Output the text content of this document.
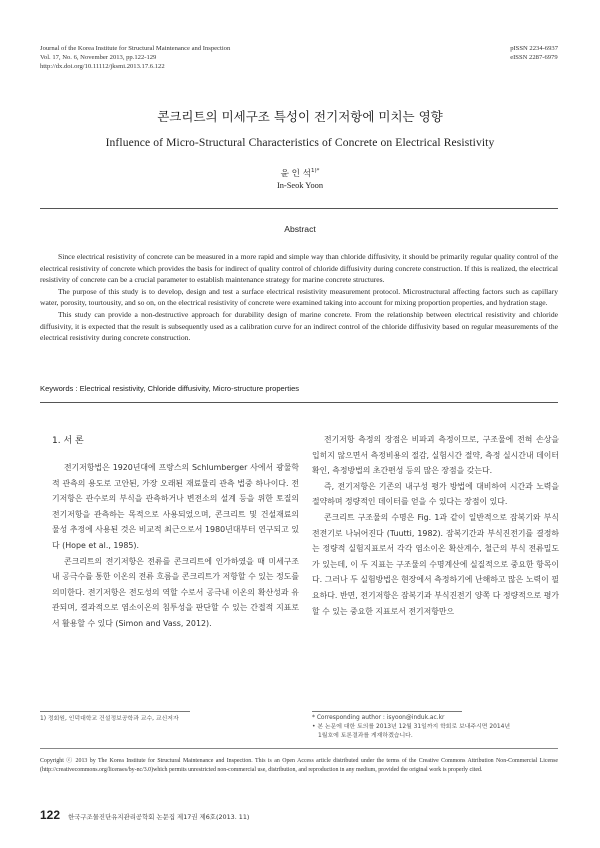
Journal of the Korea Institute for Structural Maintenance and Inspection
Vol. 17, No. 6, November 2013, pp.122-129
http://dx.doi.org/10.11112/jksmi.2013.17.6.122
pISSN 2234-6937
eISSN 2287-6979
콘크리트의 미세구조 특성이 전기저항에 미치는 영향
Influence of Micro-Structural Characteristics of Concrete on Electrical Resistivity
윤 인 석$^{1)*}$
In-Seok Yoon
Abstract

Since electrical resistivity of concrete can be measured in a more rapid and simple way than chloride diffusivity, it should be primarily regular quality control of the electrical resistivity of concrete which provides the basis for indirect of quality control of chloride diffusivity during concrete construction. If this is realized, the electrical resistivity of concrete can be a crucial parameter to establish maintenance strategy for marine concrete structures.

The purpose of this study is to develop, design and test a surface electrical resistivity measurement protocol. Microstructural affecting factors such as capillary water, porosity, tourtousity, and so on, on the electrical resistivity of concrete were examined taking into account for mixing proportion properties, and hydration stage.

This study can provide a non-destructive approach for durability design of marine concrete. From the relationship between electrical resistivity and chloride diffusivity, it is expected that the result is subsequently used as a calibration curve for an indirect control of the chloride diffusivity based on regular measurements of the electrical resistivity during concrete construction.

Keywords : Electrical resistivity, Chloride diffusivity, Micro-structure properties
1. 서 론

전기저항법은 1920년대에 프랑스의 Schlumberger 사에서 광물학적 관측의 용도로 고안된, 가장 오래된 재료물리 관측 법중 하나이다. 전기저항은 관수로의 부식을 관측하거나 변전소의 설계 등을 위한 토질의 전기저항을 관측하는 목적으로 사용되었으며, 콘크리트 및 건설재료의 물성 추정에 사용된 것은 비교적 최근으로서 1980년대부터 연구되고 있다 (Hope et al., 1985).

콘크리트의 전기저항은 전류를 콘크리트에 인가하였을 때 미세구조내 공극수를 통한 이온의 전류 흐름을 콘크리트가 저항할 수 있는 정도를 의미한다. 전기저항은 전도성의 역할 수로서 공극내 이온의 확산성과 유관되며, 결과적으로 염소이온의 침투성을 판단할 수 있는 간접적 지표로서 활용할 수 있다 (Simon and Vass, 2012).

전기저항 측정의 장점은 비파괴 측정이므로, 구조물에 전혀 손상을 입히지 않으면서 측정비용의 절감, 실험시간 절약, 측정 실시간내 데이터 확인, 측정방법의 초간편성 등의 많은 장점을 갖는다.

즉, 전기저항은 기존의 내구성 평가 방법에 대비하여 시간과 노력을 절약하며 정량적인 데이터를 얻을 수 있다는 장점이 있다.

콘크리트 구조물의 수명은 Fig. 1과 같이 일반적으로 잠복기와 부식 전전기로 나뉘어진다 (Tuutti, 1982). 잠복기간과 부식진전기를 결정하는 정량적 실험지표로서 각각 염소이온 확산계수, 철근의 부식 전류밀도가 있는데, 이 두 지표는 구조물의 수명계산에 실질적으로 중요한 항목이다. 그러나 두 실험방법은 현장에서 측정하기에 난해하고 많은 노력이 필요하다. 반면, 전기저항은 잠복기과 부식진전기 양쪽 다 정량적으로 평가할 수 있는 중요한 지표로서 전기저항만으

1) 정회원, 인덕대학교 건설정보공학과 교수, 교신저자	* Corresponding author : isyoon@induk.ac.kr
• 본 논문에 대한 토의를 2013년 12월 31일까지 학회로 보내주시면 2014년
1월호에 토론결과를 게재하겠습니다.
Copyright ⓒ 2013 by The Korea Institute for Structural Maintenance and Inspection. This is an Open Access article distributed under the terms of the Creative Commons Attribution Non-Commercial License (http://creativecommons.org/licenses/by-nc/3.0)which permits unrestricted non-commercial use, distribution, and reproduction in any medium, provided the original work is properly cited.
122 한국구조물진단유지관리공학회 논문집 제17권 제6호(2013. 11)
